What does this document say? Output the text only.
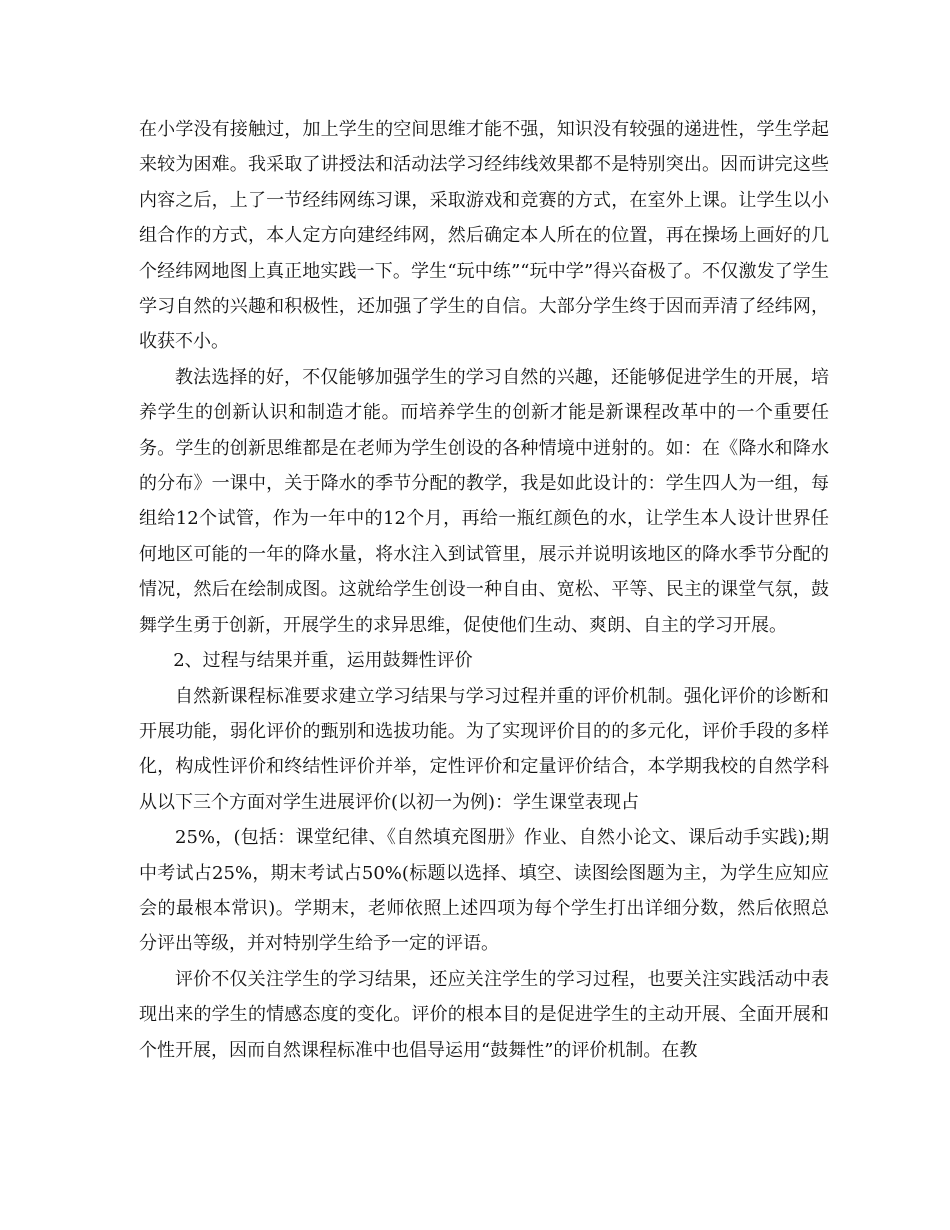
在小学没有接触过，加上学生的空间思维才能不强，知识没有较强的递进性，学生学起来较为困难。我采取了讲授法和活动法学习经纬线效果都不是特别突出。因而讲完这些内容之后，上了一节经纬网练习课，采取游戏和竞赛的方式，在室外上课。让学生以小组合作的方式，本人定方向建经纬网，然后确定本人所在的位置，再在操场上画好的几个经纬网地图上真正地实践一下。学生“玩中练”“玩中学”得兴奋极了。不仅激发了学生学习自然的兴趣和积极性，还加强了学生的自信。大部分学生终于因而弄清了经纬网，收获不小。

教法选择的好，不仅能够加强学生的学习自然的兴趣，还能够促进学生的开展，培养学生的创新认识和制造才能。而培养学生的创新才能是新课程改革中的一个重要任务。学生的创新思维都是在老师为学生创设的各种情境中迸射的。如：在《降水和降水的分布》一课中，关于降水的季节分配的教学，我是如此设计的：学生四人为一组，每组给12个试管，作为一年中的12个月，再给一瓶红颜色的水，让学生本人设计世界任何地区可能的一年的降水量，将水注入到试管里，展示并说明该地区的降水季节分配的情况，然后在绘制成图。这就给学生创设一种自由、宽松、平等、民主的课堂气氛，鼓舞学生勇于创新，开展学生的求异思维，促使他们生动、爽朗、自主的学习开展。

2、过程与结果并重，运用鼓舞性评价

自然新课程标准要求建立学习结果与学习过程并重的评价机制。强化评价的诊断和开展功能，弱化评价的甄别和选拔功能。为了实现评价目的的多元化，评价手段的多样化，构成性评价和终结性评价并举，定性评价和定量评价结合，本学期我校的自然学科从以下三个方面对学生进展评价(以初一为例)：学生课堂表现占

25%，(包括：课堂纪律、《自然填充图册》作业、自然小论文、课后动手实践);期中考试占25%，期末考试占50%(标题以选择、填空、读图绘图题为主，为学生应知应会的最根本常识)。学期末，老师依照上述四项为每个学生打出详细分数，然后依照总分评出等级，并对特别学生给予一定的评语。

评价不仅关注学生的学习结果，还应关注学生的学习过程，也要关注实践活动中表现出来的学生的情感态度的变化。评价的根本目的是促进学生的主动开展、全面开展和个性开展，因而自然课程标准中也倡导运用“鼓舞性”的评价机制。在教
